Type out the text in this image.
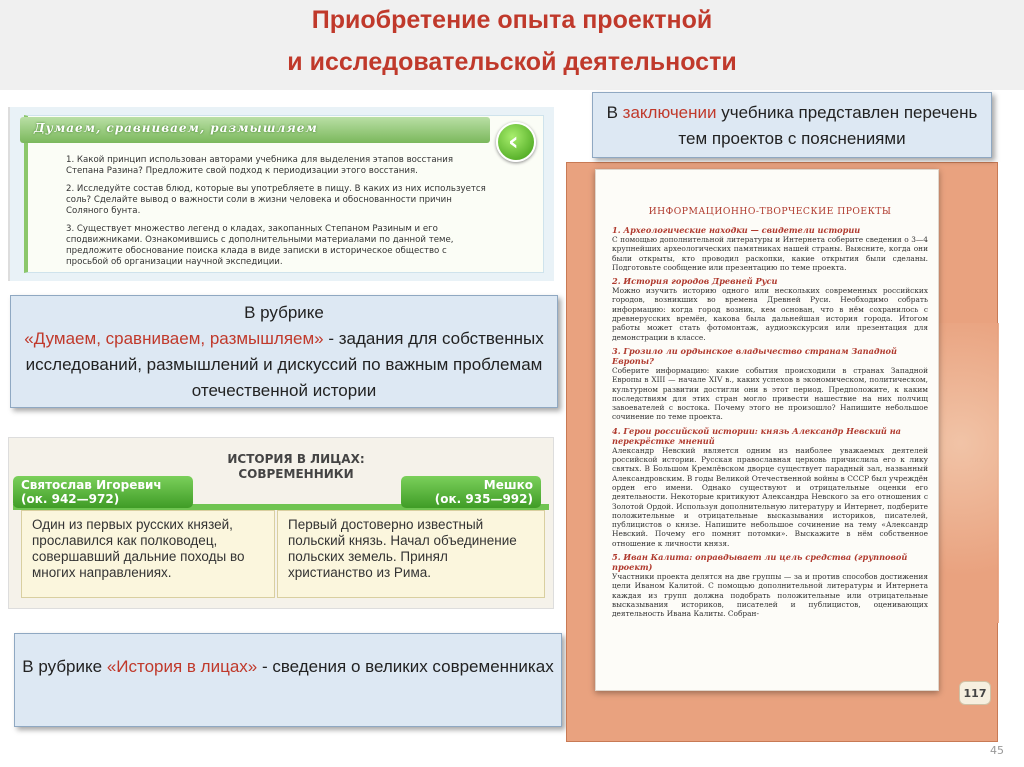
Приобретение опыта проектной
и исследовательской деятельности
Думаем, сравниваем, размышляем	‹
1. Какой принцип использован авторами учебника для выделения этапов восстания Степана Разина? Предложите свой подход к периодизации этого восстания.
2. Исследуйте состав блюд, которые вы употребляете в пищу. В каких из них используется соль? Сделайте вывод о важности соли в жизни человека и обоснованности причин Соляного бунта.
3. Существует множество легенд о кладах, закопанных Степаном Разиным и его сподвижниками. Ознакомившись с дополнительными материалами по данной теме, предложите обоснование поиска клада в виде записки в историческое общество с просьбой об организации научной экспедиции.
В рубрике
«Думаем, сравниваем, размышляем» - задания для собственных исследований, размышлений и дискуссий по важным проблемам отечественной истории
ИСТОРИЯ В ЛИЦАХ:
СОВРЕМЕННИКИ
Святослав Игоревич
(ок. 942—972)
Мешко
(ок. 935—992)
Один из первых русских князей, прославился как полководец, совершавший дальние походы во многих направлениях.
Первый достоверно известный польский князь. Начал объединение польских земель. Принял христианство из Рима.
В рубрике «История в лицах» - сведения о великих современниках
ИНФОРМАЦИОННО-ТВОРЧЕСКИЕ ПРОЕКТЫ
1. Археологические находки — свидетели истории
С помощью дополнительной литературы и Интернета соберите сведения о 3—4 крупнейших археологических памятниках нашей страны. Выясните, когда они были открыты, кто проводил раскопки, какие открытия были сделаны. Подготовьте сообщение или презентацию по теме проекта.
2. История городов Древней Руси
Можно изучить историю одного или нескольких современных российских городов, возникших во времена Древней Руси. Необходимо собрать информацию: когда город возник, кем основан, что в нём сохранилось с древнерусских времён, какова была дальнейшая история города. Итогом работы может стать фотомонтаж, аудиоэкскурсия или презентация для демонстрации в классе.
3. Грозило ли ордынское владычество странам Западной Европы?
Соберите информацию: какие события происходили в странах Западной Европы в XIII — начале XIV в., каких успехов в экономическом, политическом, культурном развитии достигли они в этот период. Предположите, к каким последствиям для этих стран могло привести нашествие на них полчищ завоевателей с востока. Почему этого не произошло? Напишите небольшое сочинение по теме проекта.
4. Герои российской истории: князь Александр Невский на перекрёстке мнений
Александр Невский является одним из наиболее уважаемых деятелей российской истории. Русская православная церковь причислила его к лику святых. В Большом Кремлёвском дворце существует парадный зал, названный Александровским. В годы Великой Отечественной войны в СССР был учреждён орден его имени. Однако существуют и отрицательные оценки его деятельности. Некоторые критикуют Александра Невского за его отношения с Золотой Ордой. Используя дополнительную литературу и Интернет, подберите положительные и отрицательные высказывания историков, писателей, публицистов о князе. Напишите небольшое сочинение на тему «Александр Невский. Почему его помнят потомки». Выскажите в нём собственное отношение к личности князя.
5. Иван Калита: оправдывает ли цель средства (групповой проект)
Участники проекта делятся на две группы — за и против способов достижения цели Иваном Калитой. С помощью дополнительной литературы и Интернета каждая из групп должна подобрать положительные или отрицательные высказывания историков, писателей и публицистов, оценивающих деятельность Ивана Калиты. Собран-
117
В заключении учебника представлен перечень тем проектов с пояснениями
45
